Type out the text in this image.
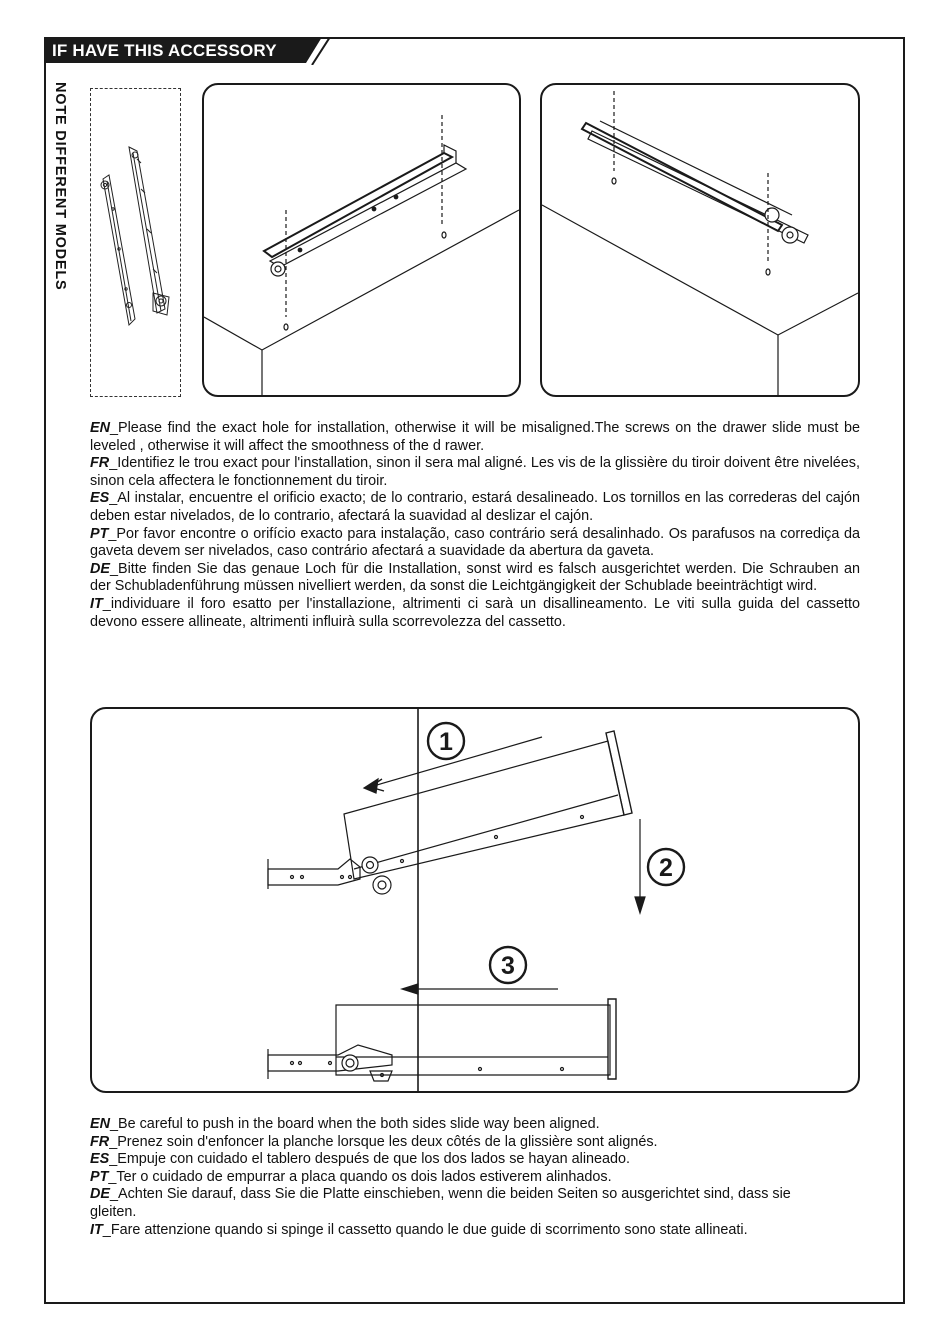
IF HAVE THIS ACCESSORY
NOTE DIFFERENT MODELS

EN_Please find the exact hole for installation, otherwise it will be misaligned.The screws on the drawer slide must be leveled , otherwise it will affect the smoothness of the d rawer.

FR_Identifiez le trou exact pour l'installation, sinon il sera mal aligné. Les vis de la glissière du tiroir doivent être nivelées, sinon cela affectera le fonctionnement du tiroir.

ES_Al instalar, encuentre el orificio exacto; de lo contrario, estará desalineado. Los tornillos en las correderas del cajón deben estar nivelados, de lo contrario, afectará la suavidad al deslizar el cajón.

PT_Por favor encontre o orifício exacto para instalação, caso contrário será desalinhado. Os parafusos na corrediça da gaveta devem ser nivelados, caso contrário afectará a suavidade da abertura da gaveta.

DE_Bitte finden Sie das genaue Loch für die Installation, sonst wird es falsch ausgerichtet werden. Die Schrauben an der Schubladenführung müssen nivelliert werden, da sonst die Leichtgängigkeit der Schublade beeinträchtigt wird.

IT_individuare il foro esatto per l'installazione, altrimenti ci sarà un disallineamento. Le viti sulla guida del cassetto devono essere allineate, altrimenti influirà sulla scorrevolezza del cassetto.

1
2
3

EN_Be careful to push in the board when the both sides slide way been aligned.

FR_Prenez soin d'enfoncer la planche lorsque les deux côtés de la glissière sont alignés.

ES_Empuje con cuidado el tablero después de que los dos lados se hayan alineado.

PT_Ter o cuidado de empurrar a placa quando os dois lados estiverem alinhados.

DE_Achten Sie darauf, dass Sie die Platte einschieben, wenn die beiden Seiten so ausgerichtet sind, dass sie gleiten.

IT_Fare attenzione quando si spinge il cassetto quando le due guide di scorrimento sono state allineati.
